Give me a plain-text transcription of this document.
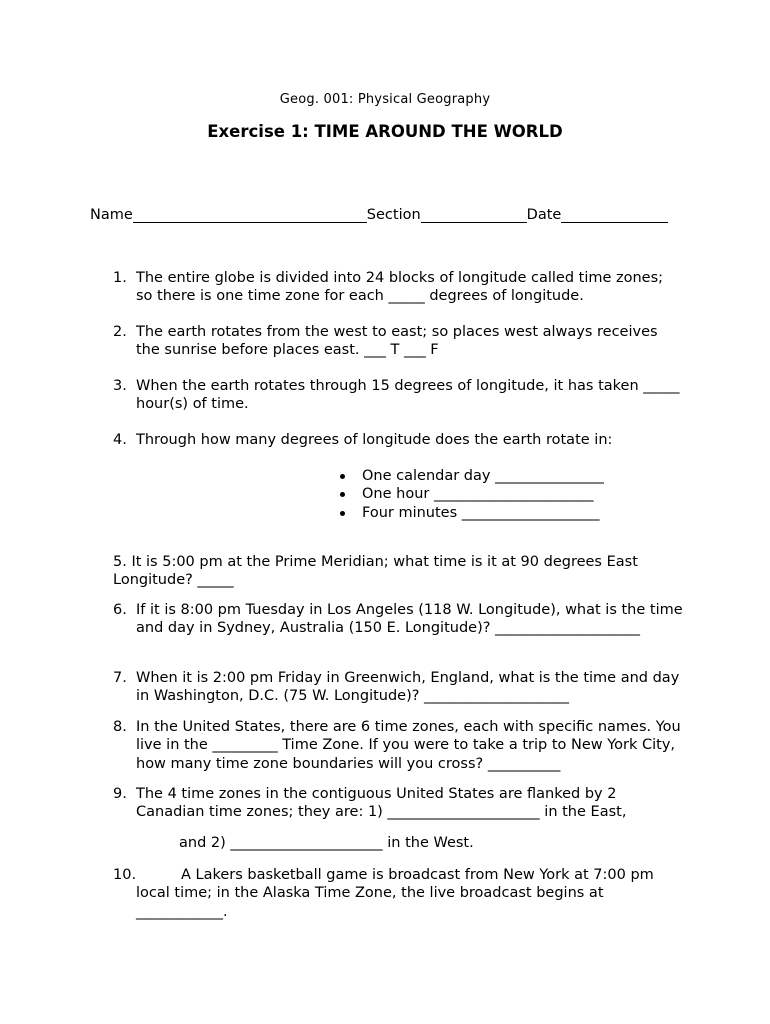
Geog. 001: Physical Geography
Exercise 1: TIME AROUND THE WORLD
Name	Section	Date
1. The entire globe is divided into 24 blocks of longitude called time zones; so there is one time zone for each _____ degrees of longitude.
2. The earth rotates from the west to east; so places west always receives the sunrise before places east. ___ T ___ F
3. When the earth rotates through 15 degrees of longitude, it has taken _____ hour(s) of time.
4. Through how many degrees of longitude does the earth rotate in:
One calendar day _______________
One hour ______________________
Four minutes ___________________
5. It is 5:00 pm at the Prime Meridian; what time is it at 90 degrees East Longitude? _____
6. If it is 8:00 pm Tuesday in Los Angeles (118 W. Longitude), what is the time and day in Sydney, Australia (150 E. Longitude)? ____________________
7. When it is 2:00 pm Friday in Greenwich, England, what is the time and day in Washington, D.C. (75 W. Longitude)? ____________________
8. In the United States, there are 6 time zones, each with specific names. You live in the _________ Time Zone. If you were to take a trip to New York City, how many time zone boundaries will you cross? __________
9. The 4 time zones in the contiguous United States are flanked by 2 Canadian time zones; they are: 1) _____________________ in the East,
and 2) _____________________ in the West.
10.	A Lakers basketball game is broadcast from New York at 7:00 pm local time; in the Alaska Time Zone, the live broadcast begins at ____________.
